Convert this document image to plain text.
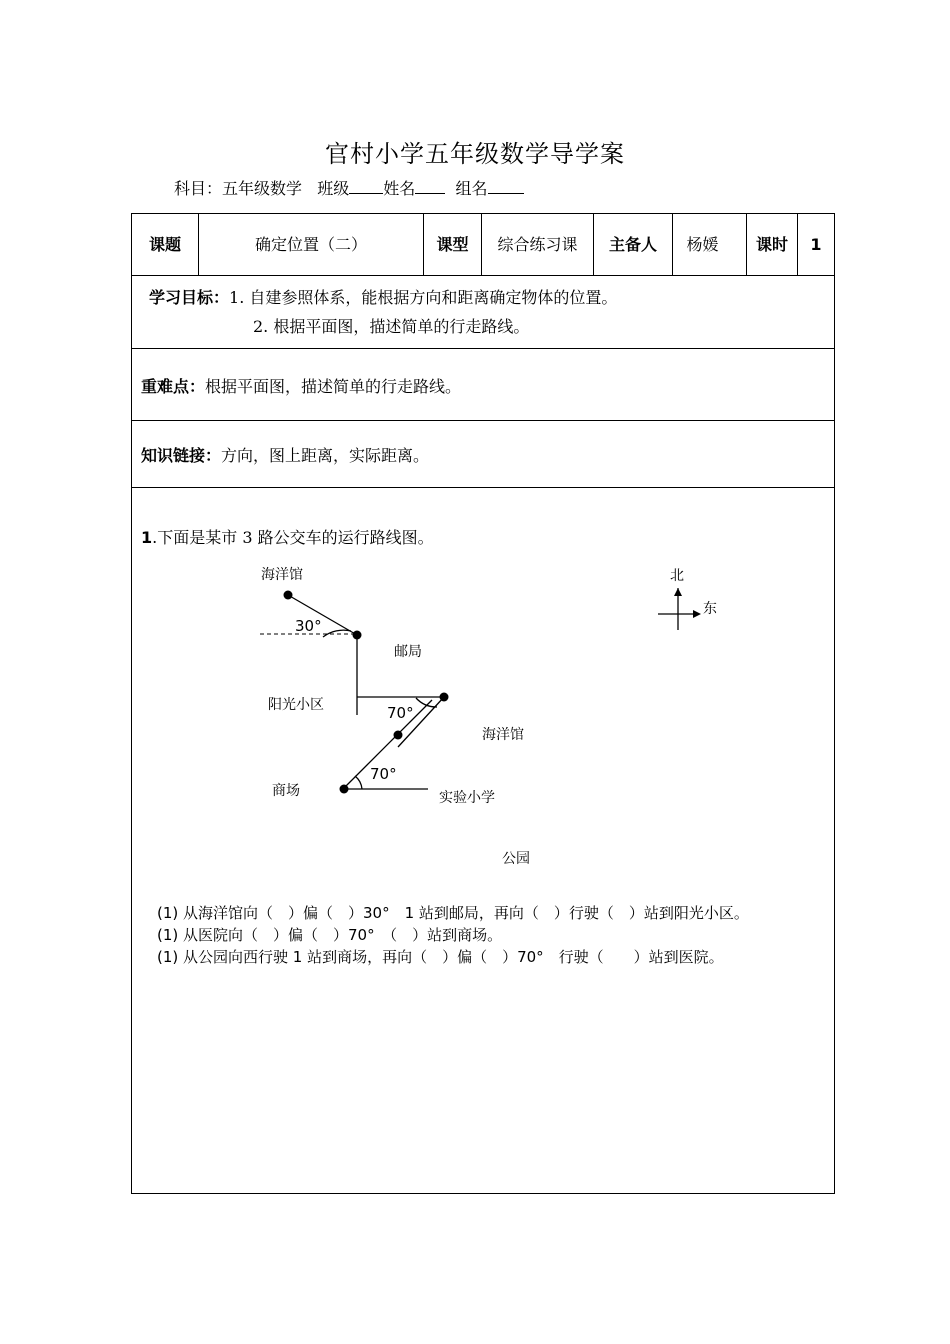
官村小学五年级数学导学案
科目：五年级数学 班级 姓名	组名
课题	确定位置（二）	课型	综合练习课	主备人	杨媛	课时	1
学习目标：1. 自建参照体系，能根据方向和距离确定物体的位置。
2. 根据平面图，描述简单的行走路线。
重难点：根据平面图，描述简单的行走路线。
知识链接：方向，图上距离，实际距离。
1.下面是某市 3 路公交车的运行路线图。
海洋馆
30°
邮局
阳光小区	70°
海洋馆
70°
商场	实验小学
公园
北
东
(1) 从海洋馆向（　）偏（　）30°　1 站到邮局，再向（　）行驶（　）站到阳光小区。
(1) 从医院向（　）偏（　）70°　（　）站到商场。
(1) 从公园向西行驶 1 站到商场，再向（　）偏（　）70°　行驶（　　）站到医院。
